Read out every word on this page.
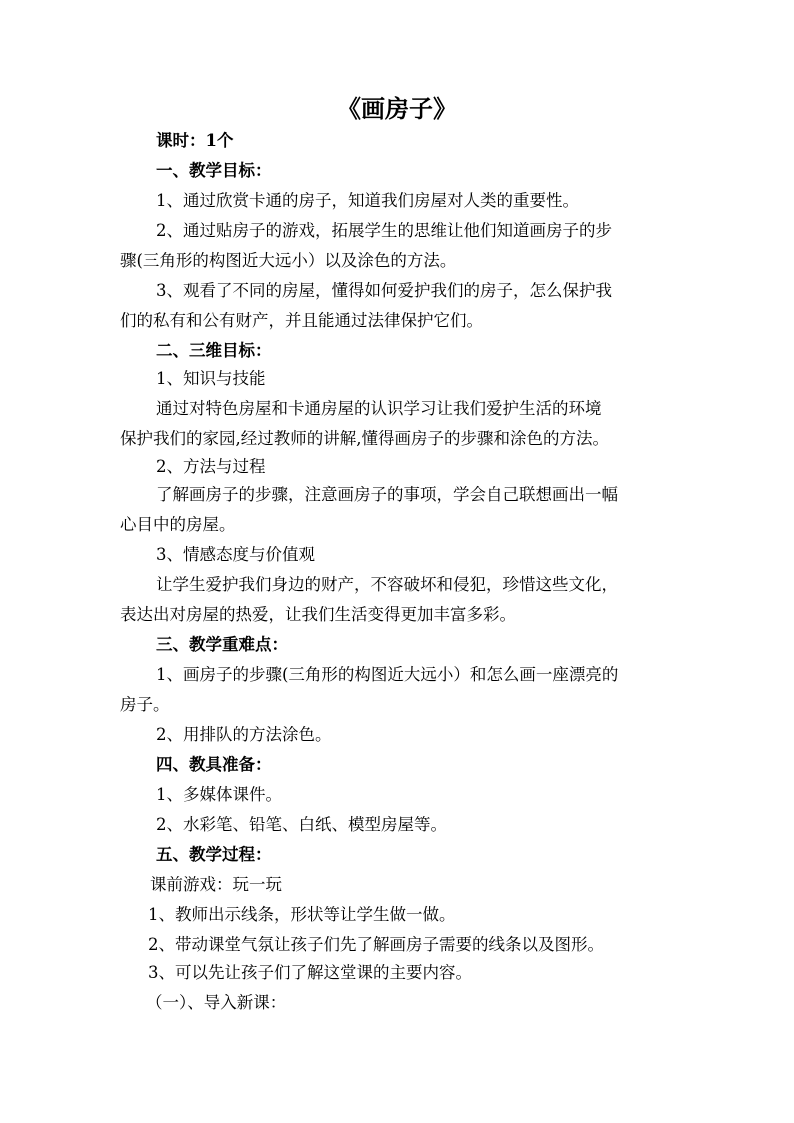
《画房子》
课时：1个
一、教学目标：
1、通过欣赏卡通的房子，知道我们房屋对人类的重要性。
2、通过贴房子的游戏，拓展学生的思维让他们知道画房子的步
骤(三角形的构图近大远小）以及涂色的方法。
3、观看了不同的房屋，懂得如何爱护我们的房子，怎么保护我
们的私有和公有财产，并且能通过法律保护它们。
二、三维目标：
1、知识与技能
通过对特色房屋和卡通房屋的认识学习让我们爱护生活的环境
保护我们的家园,经过教师的讲解,懂得画房子的步骤和涂色的方法。
2、方法与过程
了解画房子的步骤，注意画房子的事项，学会自己联想画出一幅
心目中的房屋。
3、情感态度与价值观
让学生爱护我们身边的财产，不容破坏和侵犯，珍惜这些文化，
表达出对房屋的热爱，让我们生活变得更加丰富多彩。
三、教学重难点：
1、画房子的步骤(三角形的构图近大远小）和怎么画一座漂亮的
房子。
2、用排队的方法涂色。
四、教具准备：
1、多媒体课件。
2、水彩笔、铅笔、白纸、模型房屋等。
五、教学过程：
课前游戏：玩一玩
1、教师出示线条，形状等让学生做一做。
2、带动课堂气氛让孩子们先了解画房子需要的线条以及图形。
3、可以先让孩子们了解这堂课的主要内容。
（一）、导入新课：
